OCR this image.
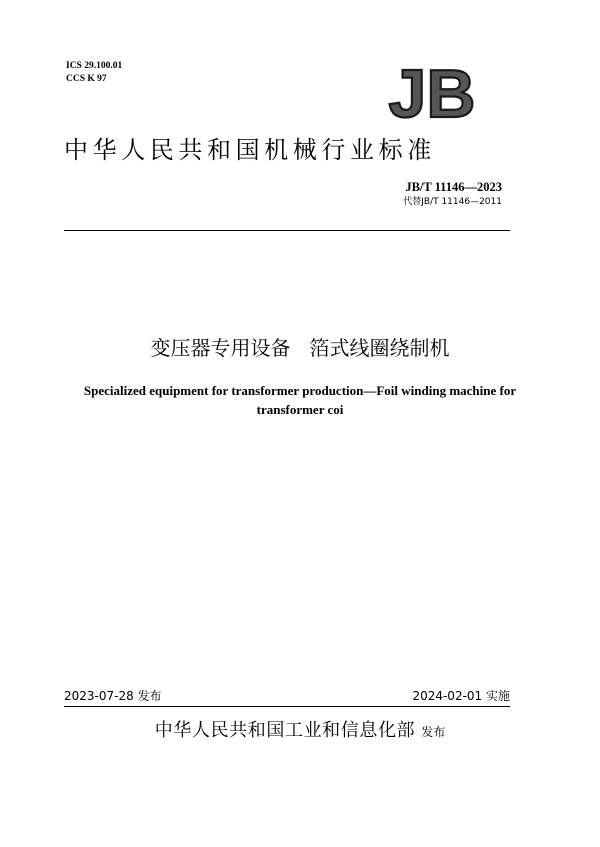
ICS 29.100.01
CCS K 97	JB
中华人民共和国机械行业标准
JB/T 11146—2023
代替JB/T 11146—2011
变压器专用设备   箔式线圈绕制机
Specialized equipment for transformer production—Foil winding machine for
transformer coi
2023-07-28 发布	2024-02-01 实施
中华人民共和国工业和信息化部 发布
